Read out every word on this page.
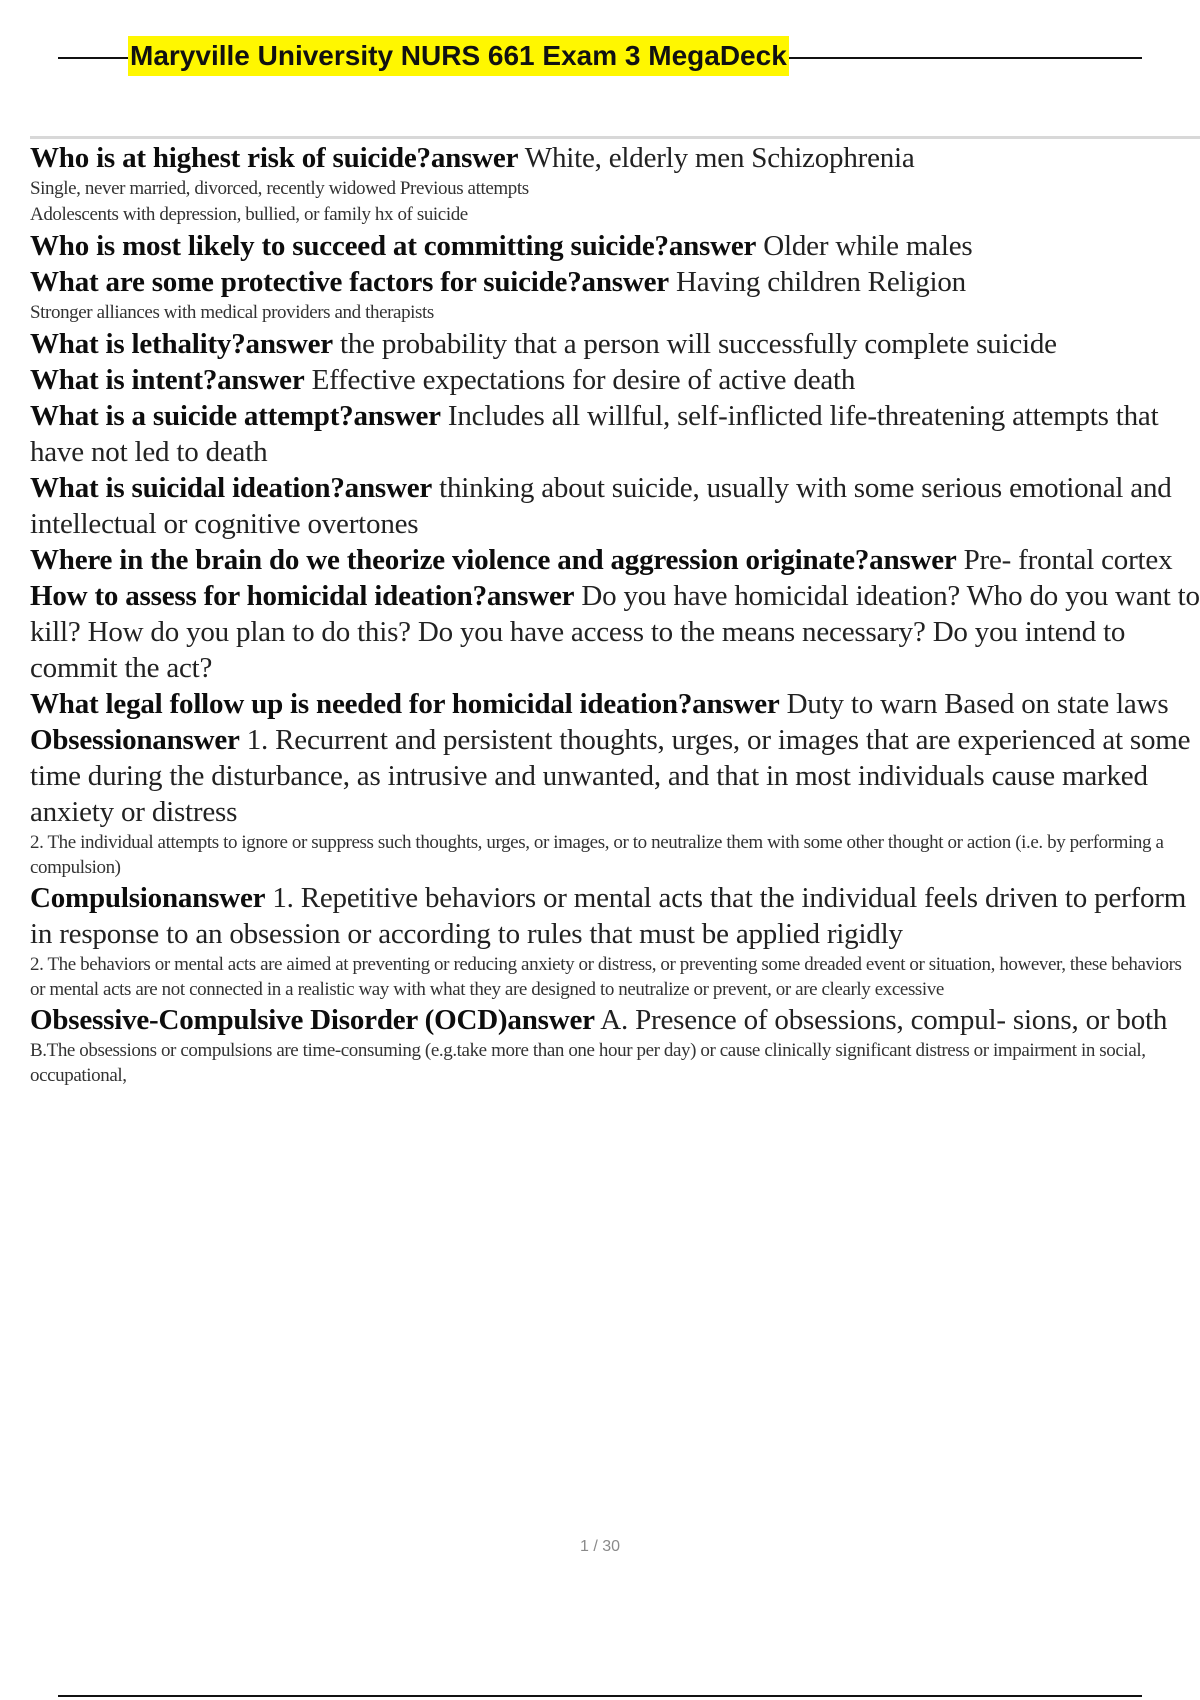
Maryville University NURS 661 Exam 3 MegaDeck

Who is at highest risk of suicide?answer White, elderly men Schizophrenia

Single, never married, divorced, recently widowed Previous attempts

Adolescents with depression, bullied, or family hx of suicide

Who is most likely to succeed at committing suicide?answer Older while males

What are some protective factors for suicide?answer Having children Religion

Stronger alliances with medical providers and therapists

What is lethality?answer the probability that a person will successfully complete suicide

What is intent?answer Effective expectations for desire of active death

What is a suicide attempt?answer Includes all willful, self-inflicted life-threatening attempts that have not led to death

What is suicidal ideation?answer thinking about suicide, usually with some serious emotional and intellectual or cognitive overtones

Where in the brain do we theorize violence and aggression originate?answer Pre- frontal cortex

How to assess for homicidal ideation?answer Do you have homicidal ideation? Who do you want to kill? How do you plan to do this? Do you have access to the means necessary? Do you intend to commit the act?

What legal follow up is needed for homicidal ideation?answer Duty to warn Based on state laws

Obsessionanswer 1. Recurrent and persistent thoughts, urges, or images that are experienced at some time during the disturbance, as intrusive and unwanted, and that in most individuals cause marked anxiety or distress

2. The individual attempts to ignore or suppress such thoughts, urges, or images, or to neutralize them with some other thought or action (i.e. by performing a compulsion)

Compulsionanswer 1. Repetitive behaviors or mental acts that the individual feels driven to perform in response to an obsession or according to rules that must be applied rigidly

2. The behaviors or mental acts are aimed at preventing or reducing anxiety or distress, or preventing some dreaded event or situation, however, these behaviors or mental acts are not connected in a realistic way with what they are designed to neutralize or prevent, or are clearly excessive

Obsessive-Compulsive Disorder (OCD)answer A. Presence of obsessions, compul- sions, or both

B.The obsessions or compulsions are time-consuming (e.g.take more than one hour per day) or cause clinically significant distress or impairment in social, occupational,

1 / 30
